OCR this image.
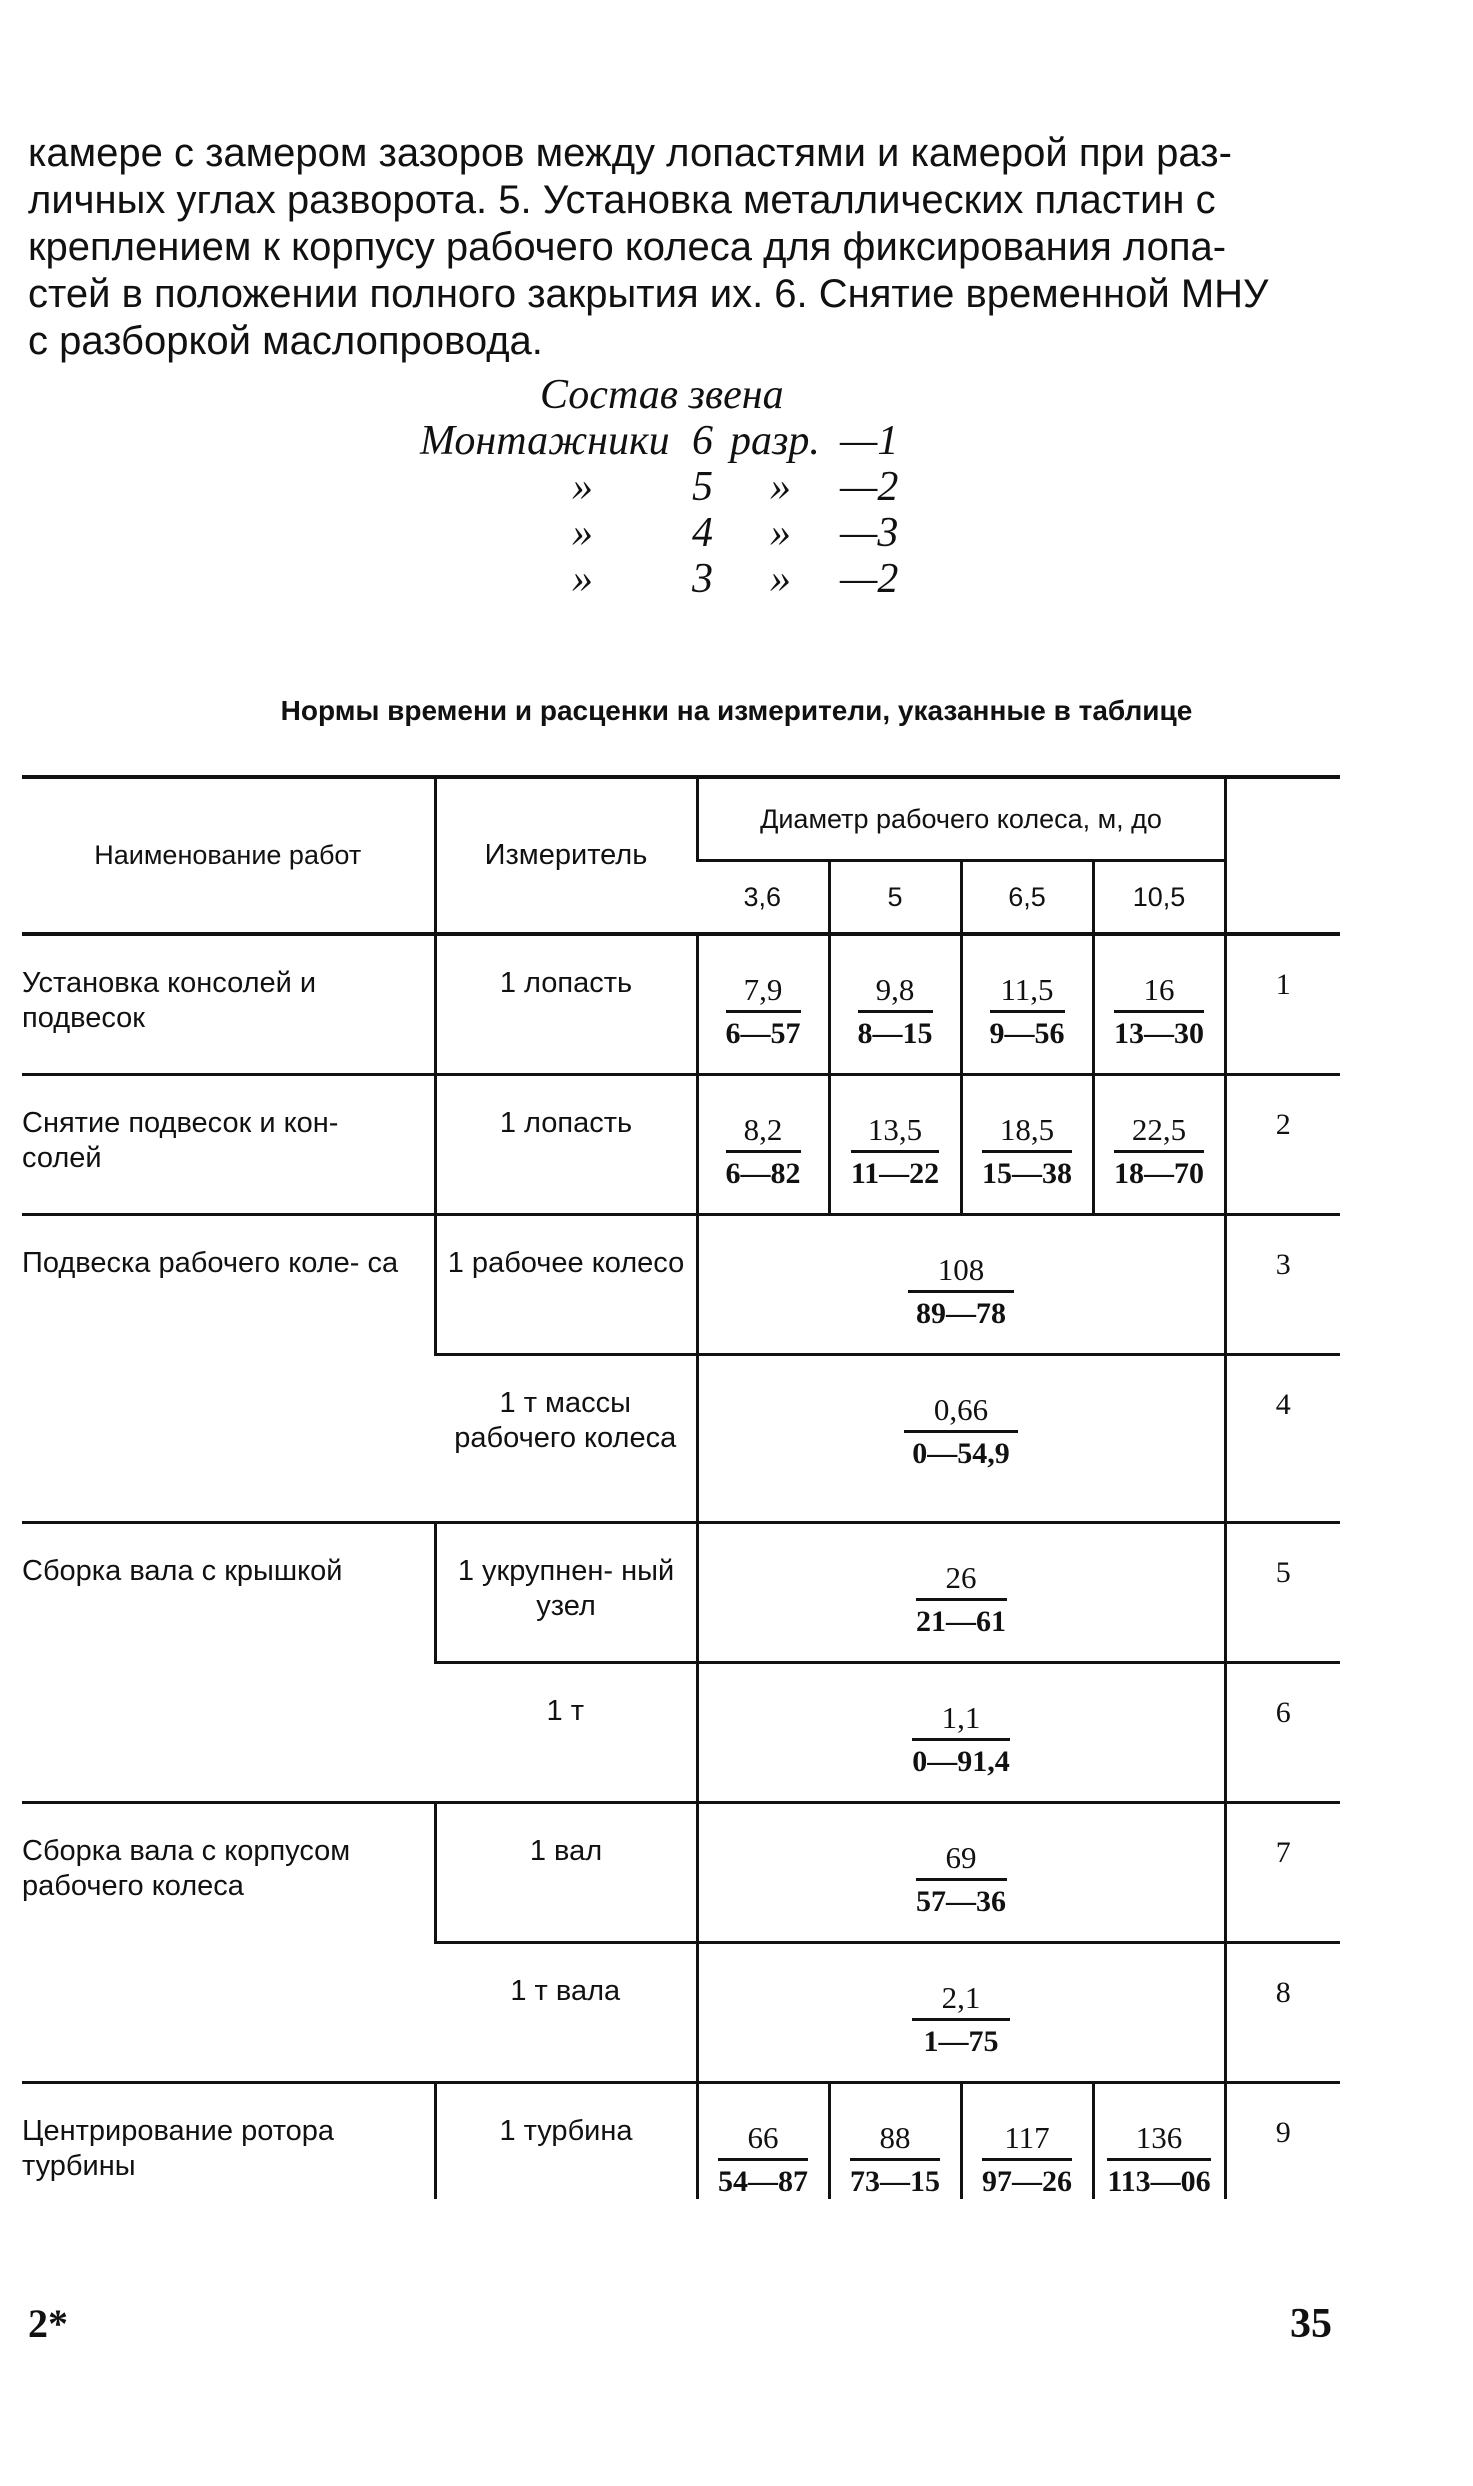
камере с замером зазоров между лопастями и камерой при раз-
личных углах разворота. 5. Установка металлических пластин с
креплением к корпусу рабочего колеса для фиксирования лопа-
стей в положении полного закрытия их. 6. Снятие временной МНУ
с разборкой маслопровода.
Состав звена
Монтажники 6 разр. —1
» 5 » —2
» 4 » —3
» 3 » —2
Нормы времени и расценки на измерители, указанные в таблице
Наименование работ	Измеритель	Диаметр рабочего колеса, м, до				
		3,6	5	6,5	10,5	
Установка консолей и подвесок	1 лопасть	$\frac{7,9}{6—57}$	$\frac{9,8}{8—15}$	$\frac{11,5}{9—56}$	$\frac{16}{13—30}$	1
Снятие подвесок и кон- солей	1 лопасть	$\frac{8,2}{6—82}$	$\frac{13,5}{11—22}$	$\frac{18,5}{15—38}$	$\frac{22,5}{18—70}$	2
Подвеска рабочего коле- са	1 рабочее колесо	$\frac{108}{89—78}$				3
	1 т массы рабочего колеса	$\frac{0,66}{0—54,9}$				4
Сборка вала с крышкой	1 укрупнен- ный узел	$\frac{26}{21—61}$				5
	1 т	$\frac{1,1}{0—91,4}$				6
Сборка вала с корпусом рабочего колеса	1 вал	$\frac{69}{57—36}$				7
	1 т вала	$\frac{2,1}{1—75}$				8
Центрирование ротора турбины	1 турбина	$\frac{66}{54—87}$	$\frac{88}{73—15}$	$\frac{117}{97—26}$	$\frac{136}{113—06}$	9
2*	35
